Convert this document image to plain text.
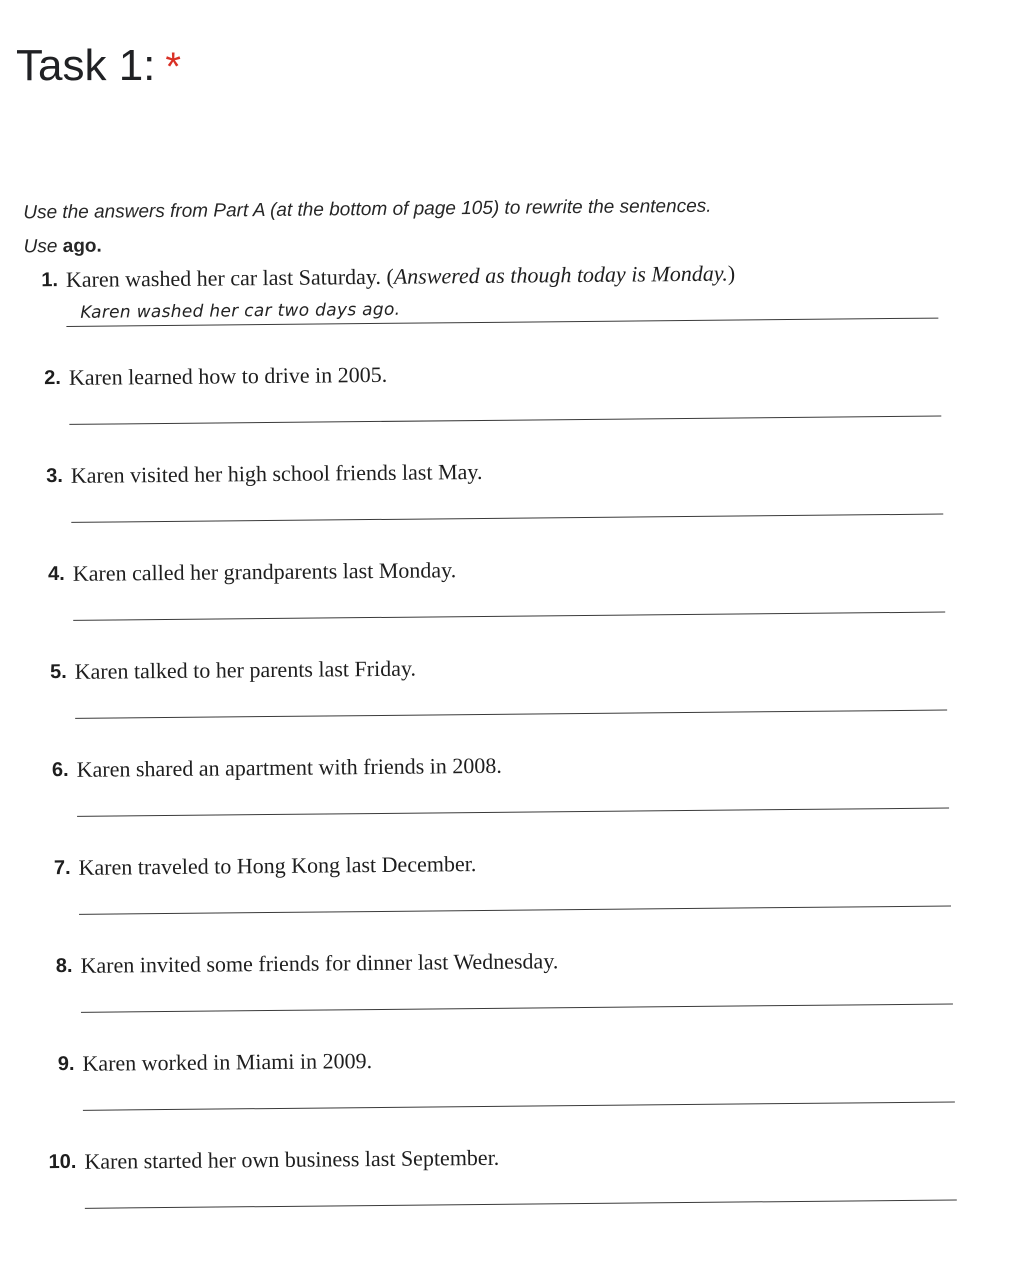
Task 1: *
Use the answers from Part A (at the bottom of page 105) to rewrite the sentences.
Use ago.
1. Karen washed her car last Saturday. (Answered as though today is Monday.)
Karen washed her car two days ago.
2. Karen learned how to drive in 2005.
3. Karen visited her high school friends last May.
4. Karen called her grandparents last Monday.
5. Karen talked to her parents last Friday.
6. Karen shared an apartment with friends in 2008.
7. Karen traveled to Hong Kong last December.
8. Karen invited some friends for dinner last Wednesday.
9. Karen worked in Miami in 2009.
10. Karen started her own business last September.
